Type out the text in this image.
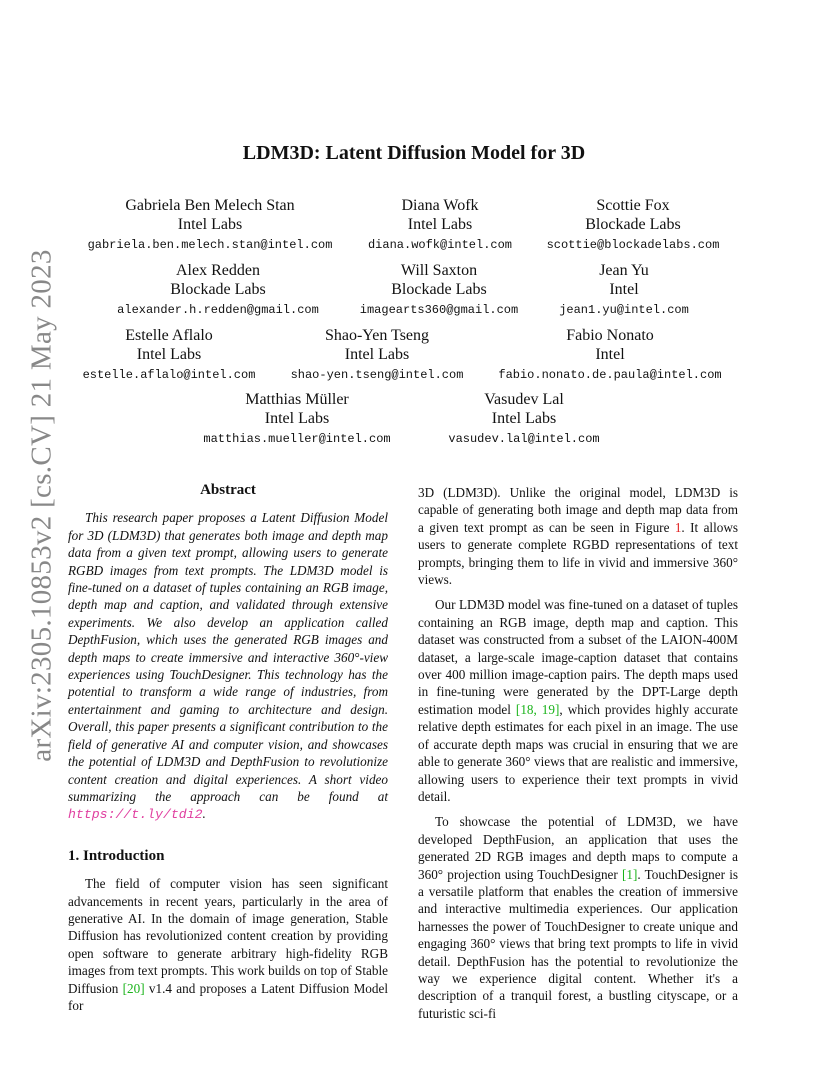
arXiv:2305.10853v2 [cs.CV] 21 May 2023
LDM3D: Latent Diffusion Model for 3D
Gabriela Ben Melech Stan
Intel Labs
gabriela.ben.melech.stan@intel.com
Diana Wofk
Intel Labs
diana.wofk@intel.com
Scottie Fox
Blockade Labs
scottie@blockadelabs.com
Alex Redden
Blockade Labs
alexander.h.redden@gmail.com
Will Saxton
Blockade Labs
imagearts360@gmail.com
Jean Yu
Intel
jean1.yu@intel.com
Estelle Aflalo
Intel Labs
estelle.aflalo@intel.com
Shao-Yen Tseng
Intel Labs
shao-yen.tseng@intel.com
Fabio Nonato
Intel
fabio.nonato.de.paula@intel.com
Matthias Müller
Intel Labs
matthias.mueller@intel.com
Vasudev Lal
Intel Labs
vasudev.lal@intel.com
Abstract

This research paper proposes a Latent Diffusion Model for 3D (LDM3D) that generates both image and depth map data from a given text prompt, allowing users to generate RGBD images from text prompts. The LDM3D model is fine-tuned on a dataset of tuples containing an RGB image, depth map and caption, and validated through extensive experiments. We also develop an application called DepthFusion, which uses the generated RGB images and depth maps to create immersive and interactive 360°-view experiences using TouchDesigner. This technology has the potential to transform a wide range of industries, from entertainment and gaming to architecture and design. Overall, this paper presents a significant contribution to the field of generative AI and computer vision, and showcases the potential of LDM3D and DepthFusion to revolutionize content creation and digital experiences. A short video summarizing the approach can be found at https://t.ly/tdi2.

1. Introduction

The field of computer vision has seen significant advancements in recent years, particularly in the area of generative AI. In the domain of image generation, Stable Diffusion has revolutionized content creation by providing open software to generate arbitrary high-fidelity RGB images from text prompts. This work builds on top of Stable Diffusion [20] v1.4 and proposes a Latent Diffusion Model for

3D (LDM3D). Unlike the original model, LDM3D is capable of generating both image and depth map data from a given text prompt as can be seen in Figure 1. It allows users to generate complete RGBD representations of text prompts, bringing them to life in vivid and immersive 360° views.

Our LDM3D model was fine-tuned on a dataset of tuples containing an RGB image, depth map and caption. This dataset was constructed from a subset of the LAION-400M dataset, a large-scale image-caption dataset that contains over 400 million image-caption pairs. The depth maps used in fine-tuning were generated by the DPT-Large depth estimation model [18, 19], which provides highly accurate relative depth estimates for each pixel in an image. The use of accurate depth maps was crucial in ensuring that we are able to generate 360° views that are realistic and immersive, allowing users to experience their text prompts in vivid detail.

To showcase the potential of LDM3D, we have developed DepthFusion, an application that uses the generated 2D RGB images and depth maps to compute a 360° projection using TouchDesigner [1]. TouchDesigner is a versatile platform that enables the creation of immersive and interactive multimedia experiences. Our application harnesses the power of TouchDesigner to create unique and engaging 360° views that bring text prompts to life in vivid detail. DepthFusion has the potential to revolutionize the way we experience digital content. Whether it's a description of a tranquil forest, a bustling cityscape, or a futuristic sci-fi
